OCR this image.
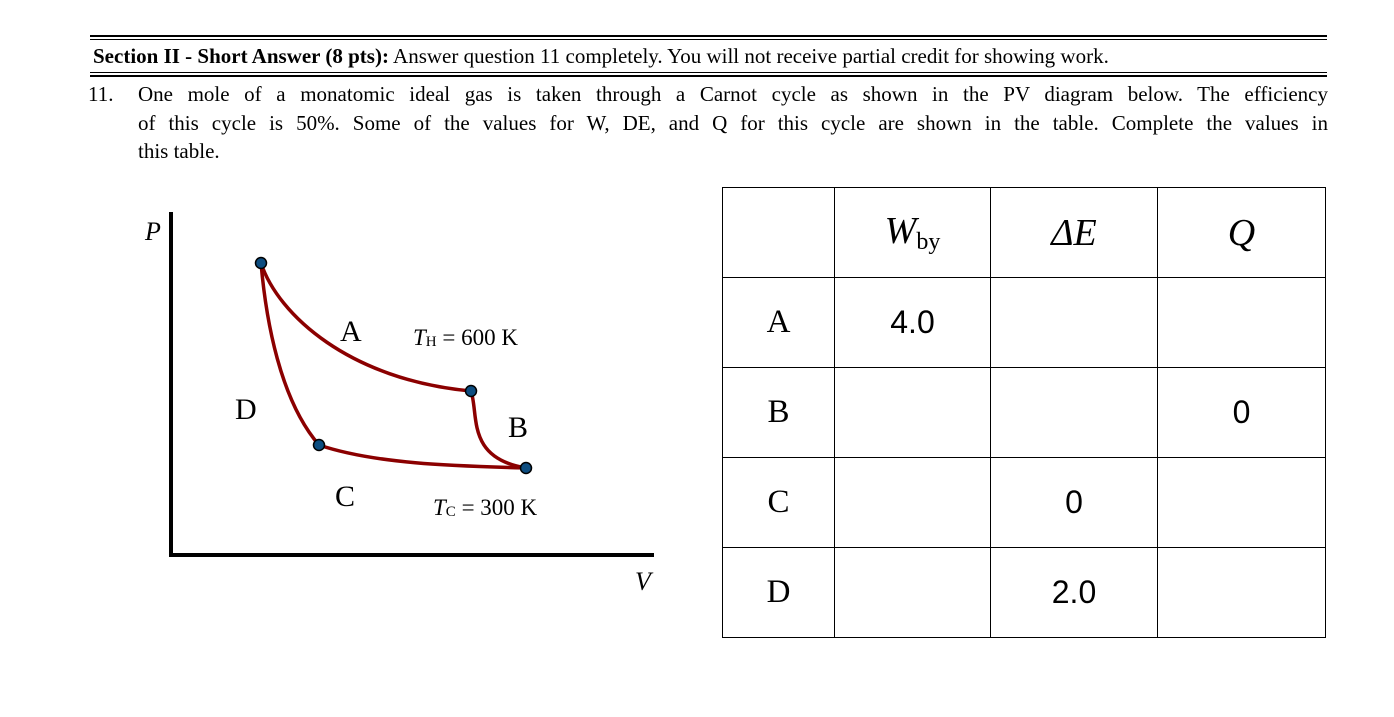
Section II - Short Answer (8 pts): Answer question 11 completely. You will not receive partial credit for showing work.
11. One mole of a monatomic ideal gas is taken through a Carnot cycle as shown in the PV diagram below. The efficiency
of this cycle is 50%. Some of the values for W, DE, and Q for this cycle are shown in the table. Complete the values in
this table.
P
V
A
B
C
D
TH = 600 K
TC = 300 K
	$W_{by}$	ΔE	Q
A	4.0		
B			0
C		0	
D		2.0	
